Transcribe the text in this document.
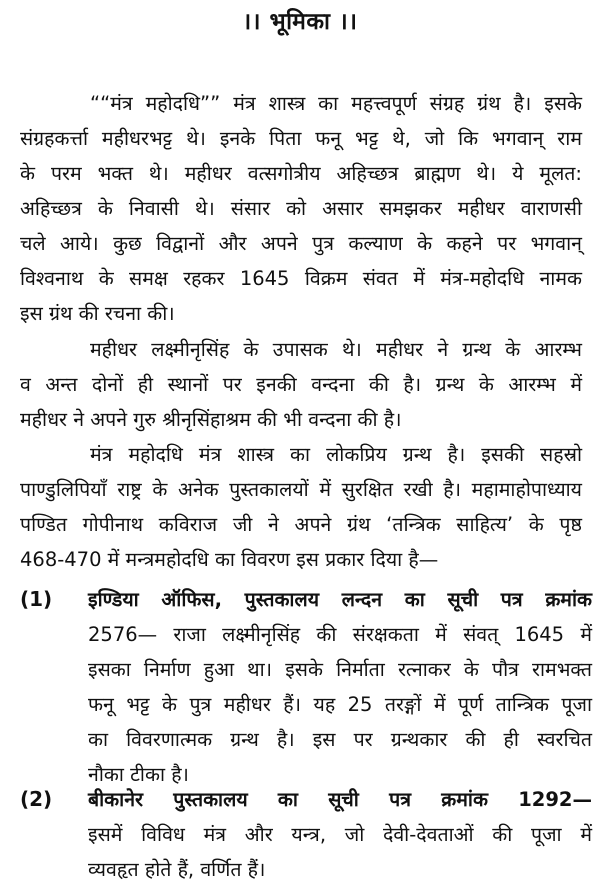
।। भूमिका ।।
““मंत्र महोदधि”” मंत्र शास्त्र का महत्त्वपूर्ण संग्रह ग्रंथ है। इसके
संग्रहकर्त्ता महीधरभट्ट थे। इनके पिता फनू भट्ट थे, जो कि भगवान् राम
के परम भक्त थे। महीधर वत्सगोत्रीय अहिच्छत्र ब्राह्मण थे। ये मूलत:
अहिच्छत्र के निवासी थे। संसार को असार समझकर महीधर वाराणसी
चले आये। कुछ विद्वानों और अपने पुत्र कल्याण के कहने पर भगवान्
विश्वनाथ के समक्ष रहकर 1645 विक्रम संवत में मंत्र-महोदधि नामक
इस ग्रंथ की रचना की।
महीधर लक्ष्मीनृसिंह के उपासक थे। महीधर ने ग्रन्थ के आरम्भ
व अन्त दोनों ही स्थानों पर इनकी वन्दना की है। ग्रन्थ के आरम्भ में
महीधर ने अपने गुरु श्रीनृसिंहाश्रम की भी वन्दना की है।
मंत्र महोदधि मंत्र शास्त्र का लोकप्रिय ग्रन्थ है। इसकी सहस्रो
पाण्डुलिपियाँ राष्ट्र के अनेक पुस्तकालयों में सुरक्षित रखी है। महामाहोपाध्याय
पण्डित गोपीनाथ कविराज जी ने अपने ग्रंथ ‘तन्त्रिक साहित्य’ के पृष्ठ
468-470 में मन्त्रमहोदधि का विवरण इस प्रकार दिया है—
(1) इण्डिया ऑफिस, पुस्तकालय लन्दन का सूची पत्र क्रमांक
2576— राजा लक्ष्मीनृसिंह की संरक्षकता में संवत् 1645 में
इसका निर्माण हुआ था। इसके निर्माता रत्नाकर के पौत्र रामभक्त
फनू भट्ट के पुत्र महीधर हैं। यह 25 तरङ्गों में पूर्ण तान्त्रिक पूजा
का विवरणात्मक ग्रन्थ है। इस पर ग्रन्थकार की ही स्वरचित
नौका टीका है।
(2) बीकानेर पुस्तकालय का सूची पत्र क्रमांक 1292—
इसमें विविध मंत्र और यन्त्र, जो देवी-देवताओं की पूजा में
व्यवहृत होते हैं, वर्णित हैं।
